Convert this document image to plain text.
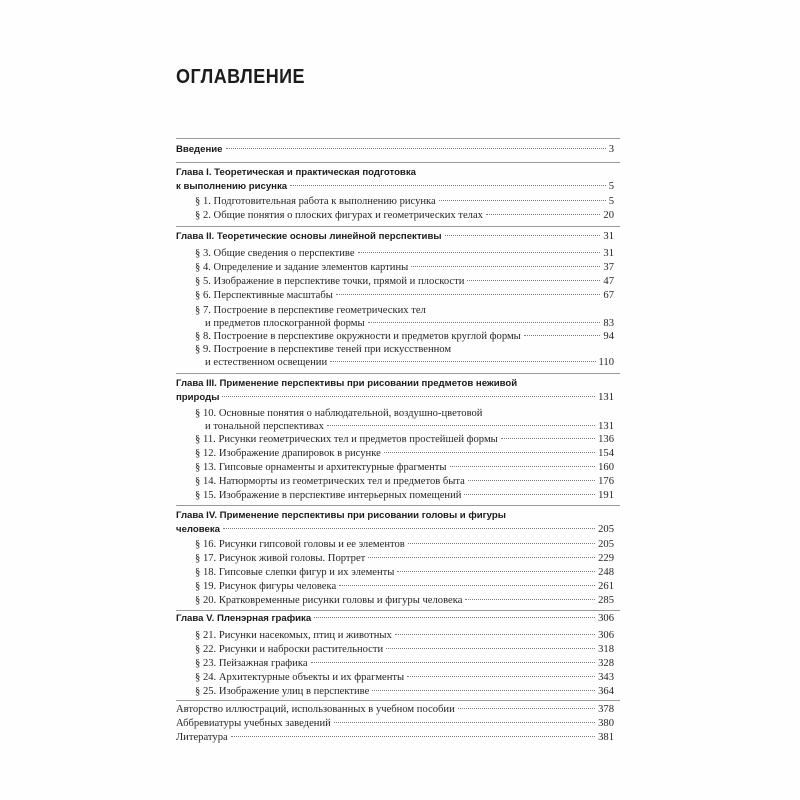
ОГЛАВЛЕНИЕ
Введение	3
Глава I. Теоретическая и практическая подготовка
к выполнению рисунка	5
§ 1. Подготовительная работа к выполнению рисунка	5
§ 2. Общие понятия о плоских фигурах и геометрических телах	20
Глава II. Теоретические основы линейной перспективы	31
§ 3. Общие сведения о перспективе	31
§ 4. Определение и задание элементов картины	37
§ 5. Изображение в перспективе точки, прямой и плоскости	47
§ 6. Перспективные масштабы	67
§ 7. Построение в перспективе геометрических тел
и предметов плоскогранной формы	83
§ 8. Построение в перспективе окружности и предметов круглой формы	94
§ 9. Построение в перспективе теней при искусственном
и естественном освещении	110
Глава III. Применение перспективы при рисовании предметов неживой
природы	131
§ 10. Основные понятия о наблюдательной, воздушно-цветовой
и тональной перспективах	131
§ 11. Рисунки геометрических тел и предметов простейшей формы	136
§ 12. Изображение драпировок в рисунке	154
§ 13. Гипсовые орнаменты и архитектурные фрагменты	160
§ 14. Натюрморты из геометрических тел и предметов быта	176
§ 15. Изображение в перспективе интерьерных помещений	191
Глава IV. Применение перспективы при рисовании головы и фигуры
человека	205
§ 16. Рисунки гипсовой головы и ее элементов	205
§ 17. Рисунок живой головы. Портрет	229
§ 18. Гипсовые слепки фигур и их элементы	248
§ 19. Рисунок фигуры человека	261
§ 20. Кратковременные рисунки головы и фигуры человека	285
Глава V. Пленэрная графика	306
§ 21. Рисунки насекомых, птиц и животных	306
§ 22. Рисунки и наброски растительности	318
§ 23. Пейзажная графика	328
§ 24. Архитектурные объекты и их фрагменты	343
§ 25. Изображение улиц в перспективе	364
Авторство иллюстраций, использованных в учебном пособии	378
Аббревиатуры учебных заведений	380
Литература	381
